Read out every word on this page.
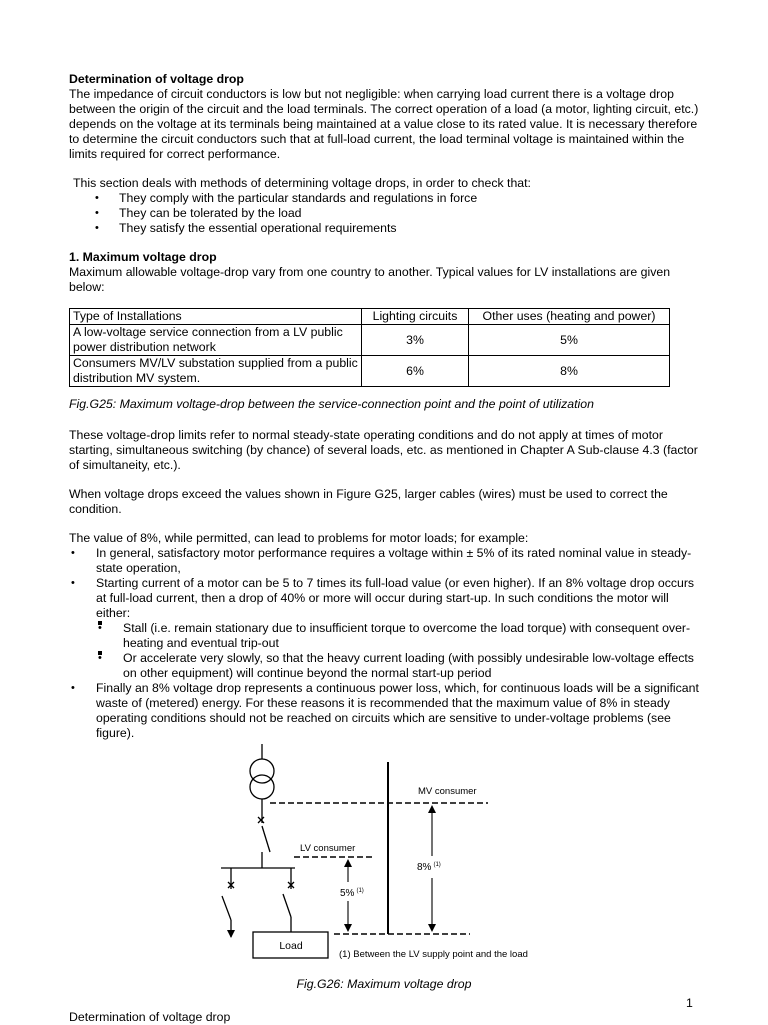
Determination of voltage drop

The impedance of circuit conductors is low but not negligible: when carrying load current there is a voltage drop between the origin of the circuit and the load terminals. The correct operation of a load (a motor, lighting circuit, etc.) depends on the voltage at its terminals being maintained at a value close to its rated value. It is necessary therefore to determine the circuit conductors such that at full-load current, the load terminal voltage is maintained within the limits required for correct performance.

This section deals with methods of determining voltage drops, in order to check that:

• They comply with the particular standards and regulations in force
• They can be tolerated by the load
• They satisfy the essential operational requirements

1. Maximum voltage drop

Maximum allowable voltage-drop vary from one country to another. Typical values for LV installations are given below:

Type of Installations	Lighting circuits	Other uses (heating and power)
A low-voltage service connection from a LV public power distribution network	3%	5%
Consumers MV/LV substation supplied from a public distribution MV system.	6%	8%

Fig.G25: Maximum voltage-drop between the service-connection point and the point of utilization

These voltage-drop limits refer to normal steady-state operating conditions and do not apply at times of motor starting, simultaneous switching (by chance) of several loads, etc. as mentioned in Chapter A Sub-clause 4.3 (factor of simultaneity, etc.).

When voltage drops exceed the values shown in Figure G25, larger cables (wires) must be used to correct the condition.

The value of 8%, while permitted, can lead to problems for motor loads; for example:

• In general, satisfactory motor performance requires a voltage within ± 5% of its rated nominal value in steady-state operation,
• Starting current of a motor can be 5 to 7 times its full-load value (or even higher). If an 8% voltage drop occurs at full-load current, then a drop of 40% or more will occur during start-up. In such conditions the motor will either:
• Stall (i.e. remain stationary due to insufficient torque to overcome the load torque) with consequent over-heating and eventual trip-out
• Or accelerate very slowly, so that the heavy current loading (with possibly undesirable low-voltage effects on other equipment) will continue beyond the normal start-up period
• Finally an 8% voltage drop represents a continuous power loss, which, for continuous loads will be a significant waste of (metered) energy. For these reasons it is recommended that the maximum value of 8% in steady operating conditions should not be reached on circuits which are sensitive to under-voltage problems (see figure).
Load
MV consumer
LV consumer
8% $^{(1)}$
5% $^{(1)}$
(1) Between the LV supply point and the load
Fig.G26: Maximum voltage drop
1
Determination of voltage drop
